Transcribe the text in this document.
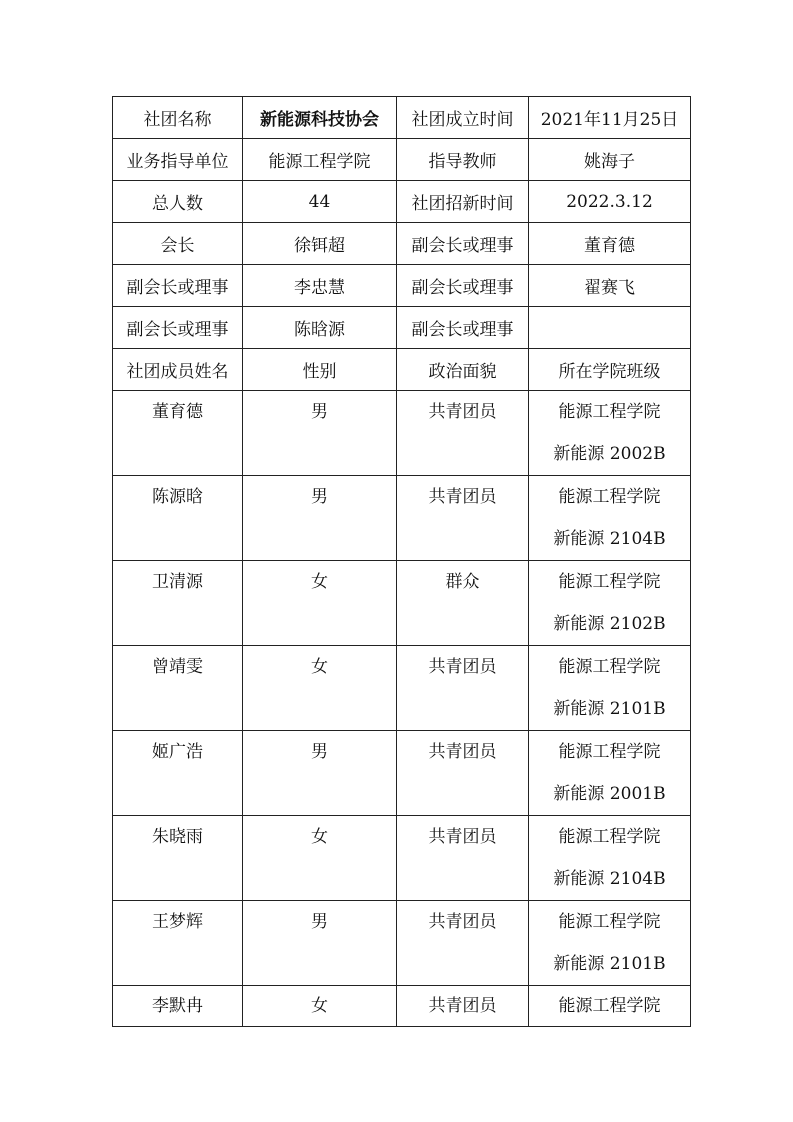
社团名称	新能源科技协会	社团成立时间	2021年11月25日
业务指导单位	能源工程学院	指导教师	姚海子
总人数	44	社团招新时间	2022.3.12
会长	徐铒超	副会长或理事	董育德
副会长或理事	李忠慧	副会长或理事	翟赛飞
副会长或理事	陈晗源	副会长或理事	
社团成员姓名	性别	政治面貌	所在学院班级
董育德	男	共青团员	能源工程学院
新能源 2002B

陈源晗	男	共青团员	能源工程学院
新能源 2104B

卫清源	女	群众	能源工程学院
新能源 2102B

曾靖雯	女	共青团员	能源工程学院
新能源 2101B

姬广浩	男	共青团员	能源工程学院
新能源 2001B

朱晓雨	女	共青团员	能源工程学院
新能源 2104B

王梦辉	男	共青团员	能源工程学院
新能源 2101B

李默冉	女	共青团员	能源工程学院
